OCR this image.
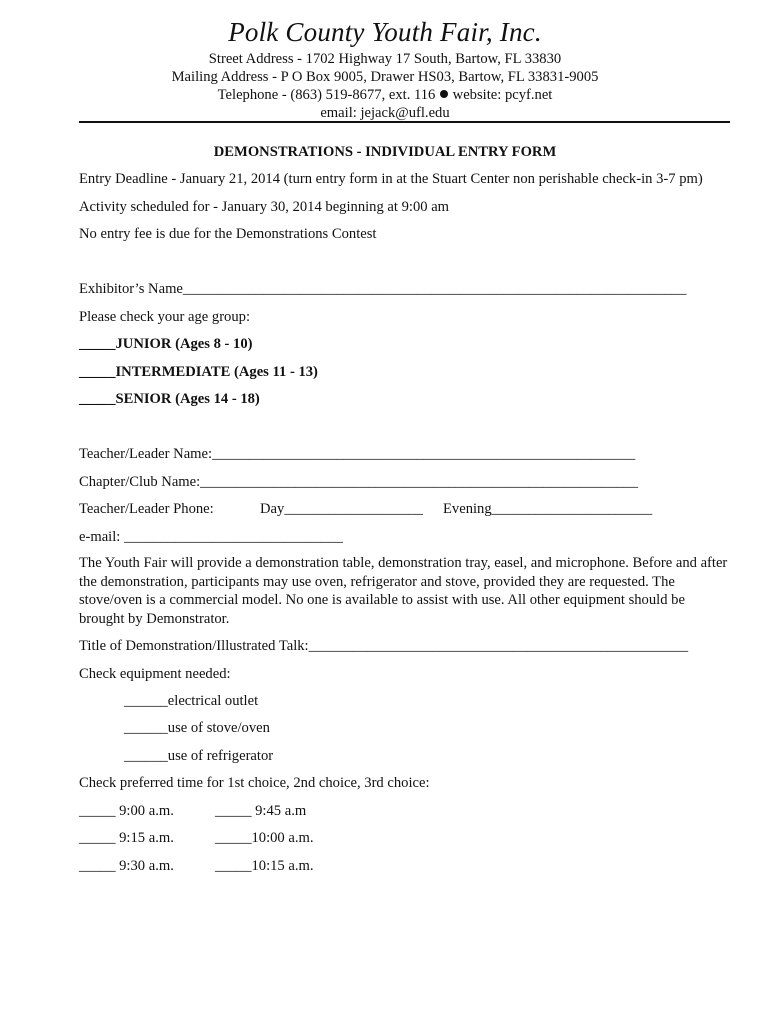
Polk County Youth Fair, Inc.
Street Address - 1702 Highway 17 South, Bartow, FL 33830
Mailing Address - P O Box 9005, Drawer HS03, Bartow, FL 33831-9005
Telephone - (863) 519-8677, ext. 116 website: pcyf.net
email: jejack@ufl.edu
DEMONSTRATIONS - INDIVIDUAL ENTRY FORM
Entry Deadline - January 21, 2014 (turn entry form in at the Stuart Center non perishable check-in 3-7 pm)
Activity scheduled for - January 30, 2014 beginning at 9:00 am
No entry fee is due for the Demonstrations Contest
Exhibitor’s Name_____________________________________________________________________
Please check your age group:
_____JUNIOR (Ages 8 - 10)
_____INTERMEDIATE (Ages 11 - 13)
_____SENIOR (Ages 14 - 18)
Teacher/Leader Name:__________________________________________________________
Chapter/Club Name:____________________________________________________________
Teacher/Leader Phone:	Day___________________ Evening______________________
e-mail: ______________________________
The Youth Fair will provide a demonstration table, demonstration tray, easel, and microphone. Before and after the demonstration, participants may use oven, refrigerator and stove, provided they are requested. The stove/oven is a commercial model. No one is available to assist with use. All other equipment should be brought by Demonstrator.
Title of Demonstration/Illustrated Talk:____________________________________________________
Check equipment needed:
______electrical outlet
______use of stove/oven
______use of refrigerator
Check preferred time for 1st choice, 2nd choice, 3rd choice:
_____ 9:00 a.m.	_____ 9:45 a.m
_____ 9:15 a.m.	_____10:00 a.m.
_____ 9:30 a.m.	_____10:15 a.m.
